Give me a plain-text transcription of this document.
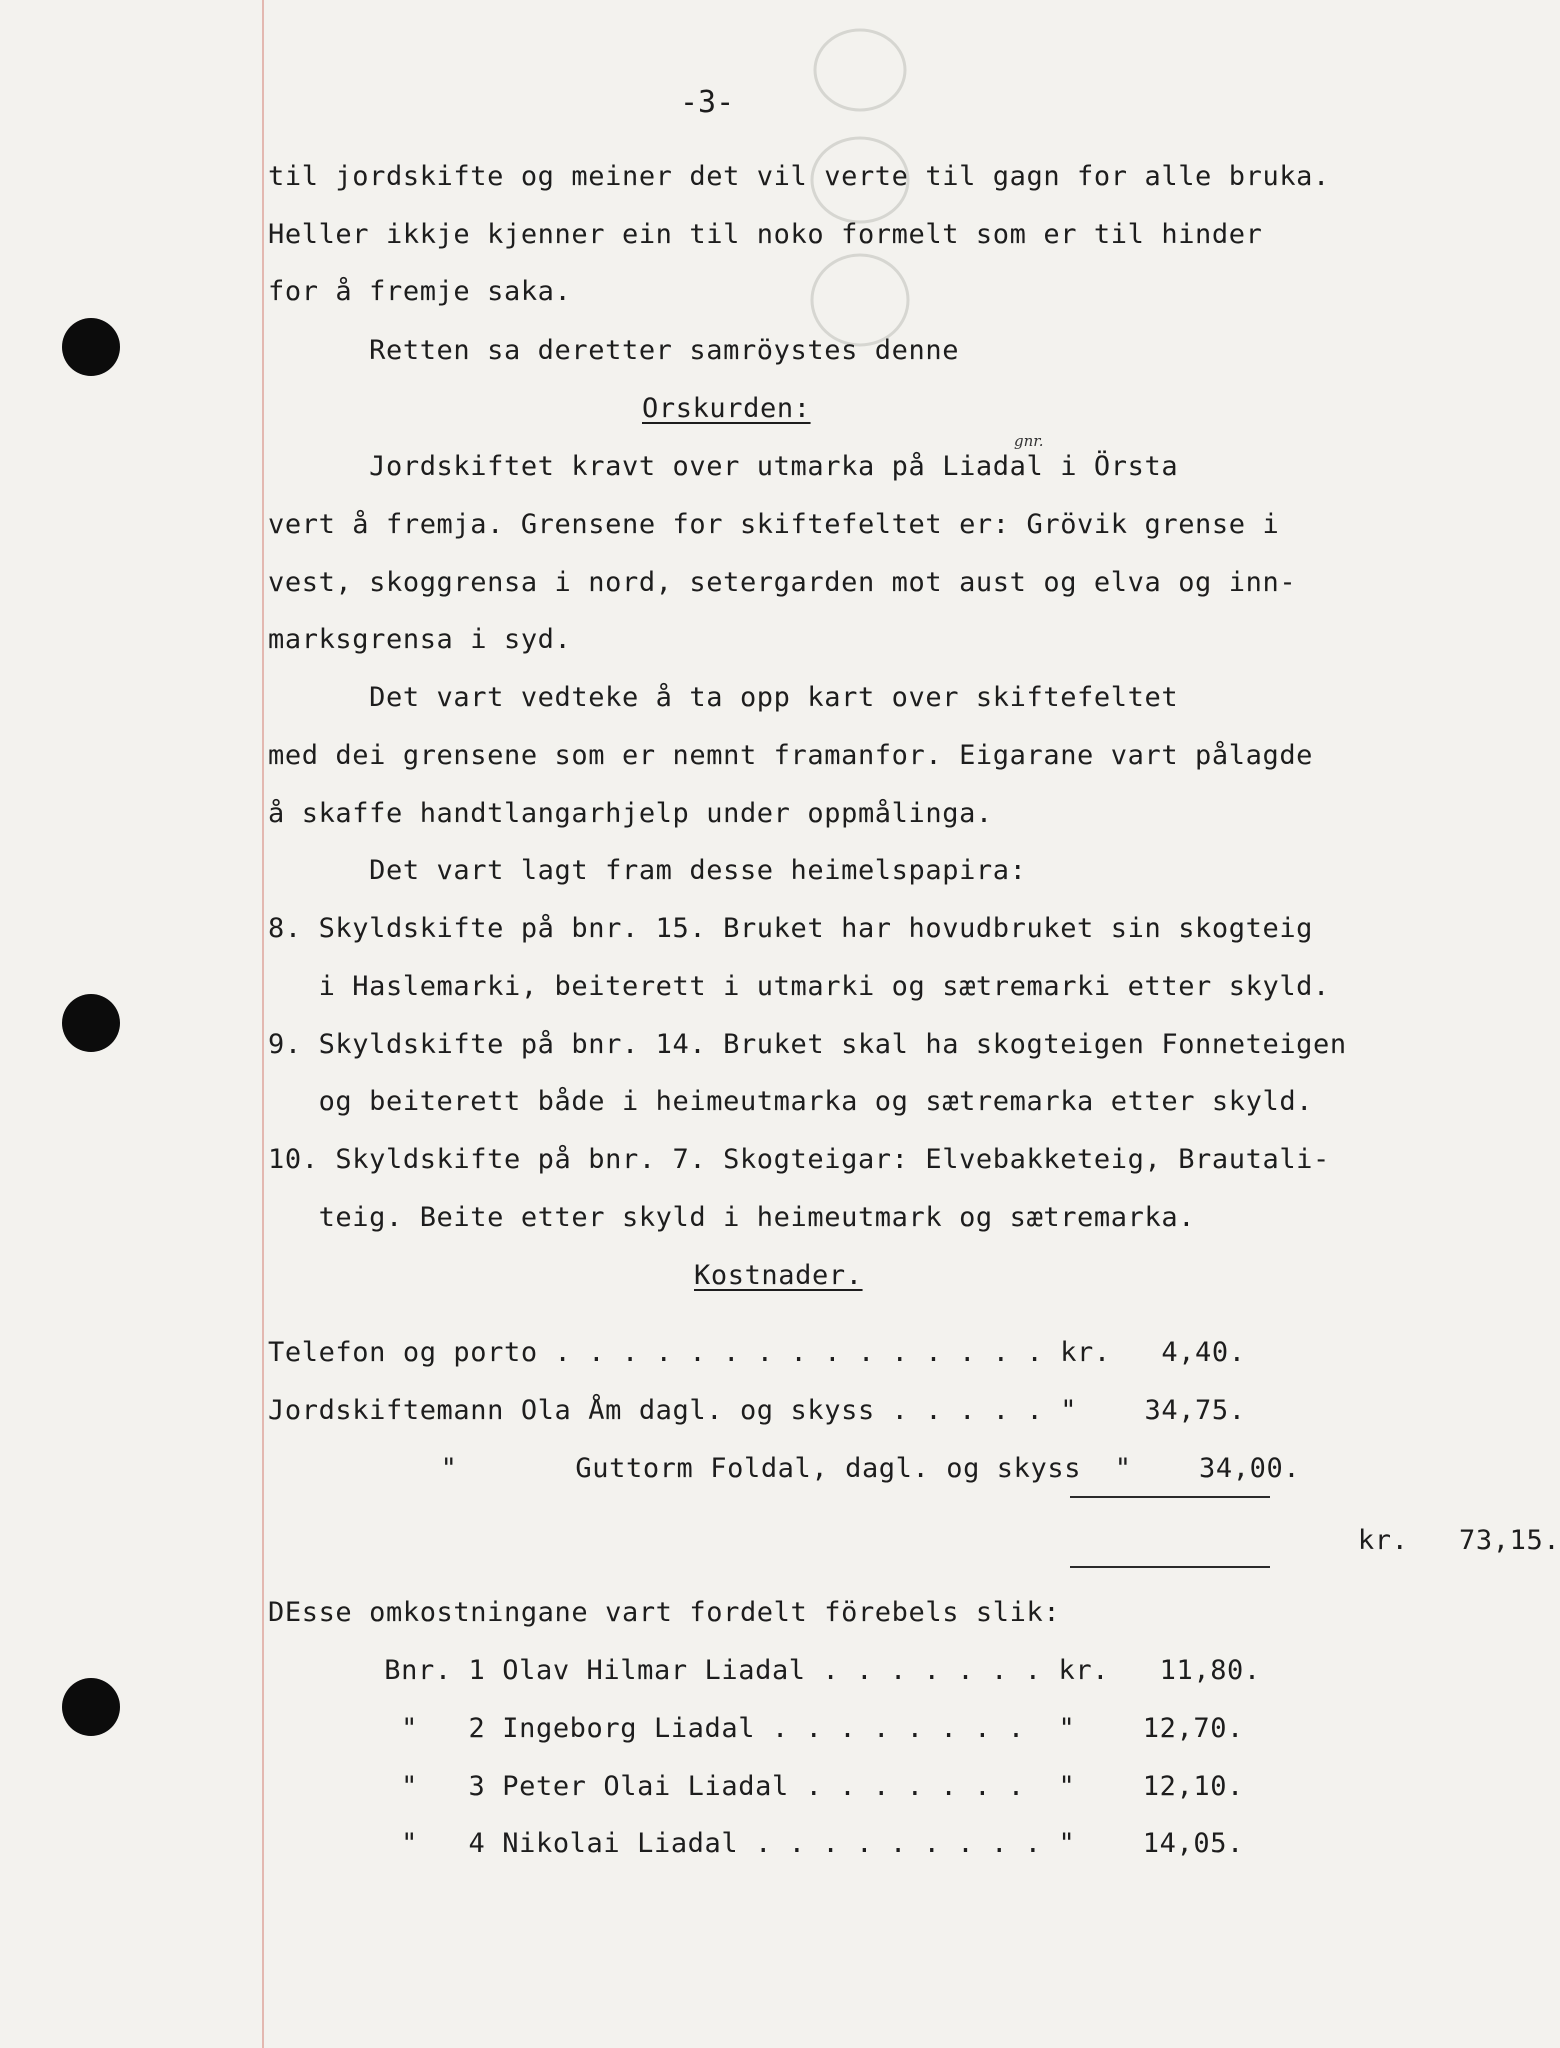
-3-
til jordskifte og meiner det vil verte til gagn for alle bruka.
Heller ikkje kjenner ein til noko formelt som er til hinder
for å fremje saka.
Retten sa deretter samröystes denne
Orskurden:
gnr.
Jordskiftet kravt over utmarka på Liadal i Örsta
vert å fremja. Grensene for skiftefeltet er: Grövik grense i
vest, skoggrensa i nord, setergarden mot aust og elva og inn-
marksgrensa i syd.
Det vart vedteke å ta opp kart over skiftefeltet
med dei grensene som er nemnt framanfor. Eigarane vart pålagde
å skaffe handtlangarhjelp under oppmålinga.
Det vart lagt fram desse heimelspapira:
8. Skyldskifte på bnr. 15. Bruket har hovudbruket sin skogteig
i Haslemarki, beiterett i utmarki og sætremarki etter skyld.
9. Skyldskifte på bnr. 14. Bruket skal ha skogteigen Fonneteigen
og beiterett både i heimeutmarka og sætremarka etter skyld.
10. Skyldskifte på bnr. 7. Skogteigar: Elvebakketeig, Brautali-
teig. Beite etter skyld i heimeutmark og sætremarka.
Kostnader.
Telefon og porto . . . . . . . . . . . . . . . kr.   4,40.
Jordskiftemann Ola Åm dagl. og skyss . . . . . "    34,75.
"       Guttorm Foldal, dagl. og skyss  "    34,00.
kr.   73,15.
DEsse omkostningane vart fordelt förebels slik:
Bnr. 1 Olav Hilmar Liadal . . . . . . . kr.   11,80.
"   2 Ingeborg Liadal . . . . . . . .  "    12,70.
"   3 Peter Olai Liadal . . . . . . .  "    12,10.
"   4 Nikolai Liadal . . . . . . . . . "    14,05.
